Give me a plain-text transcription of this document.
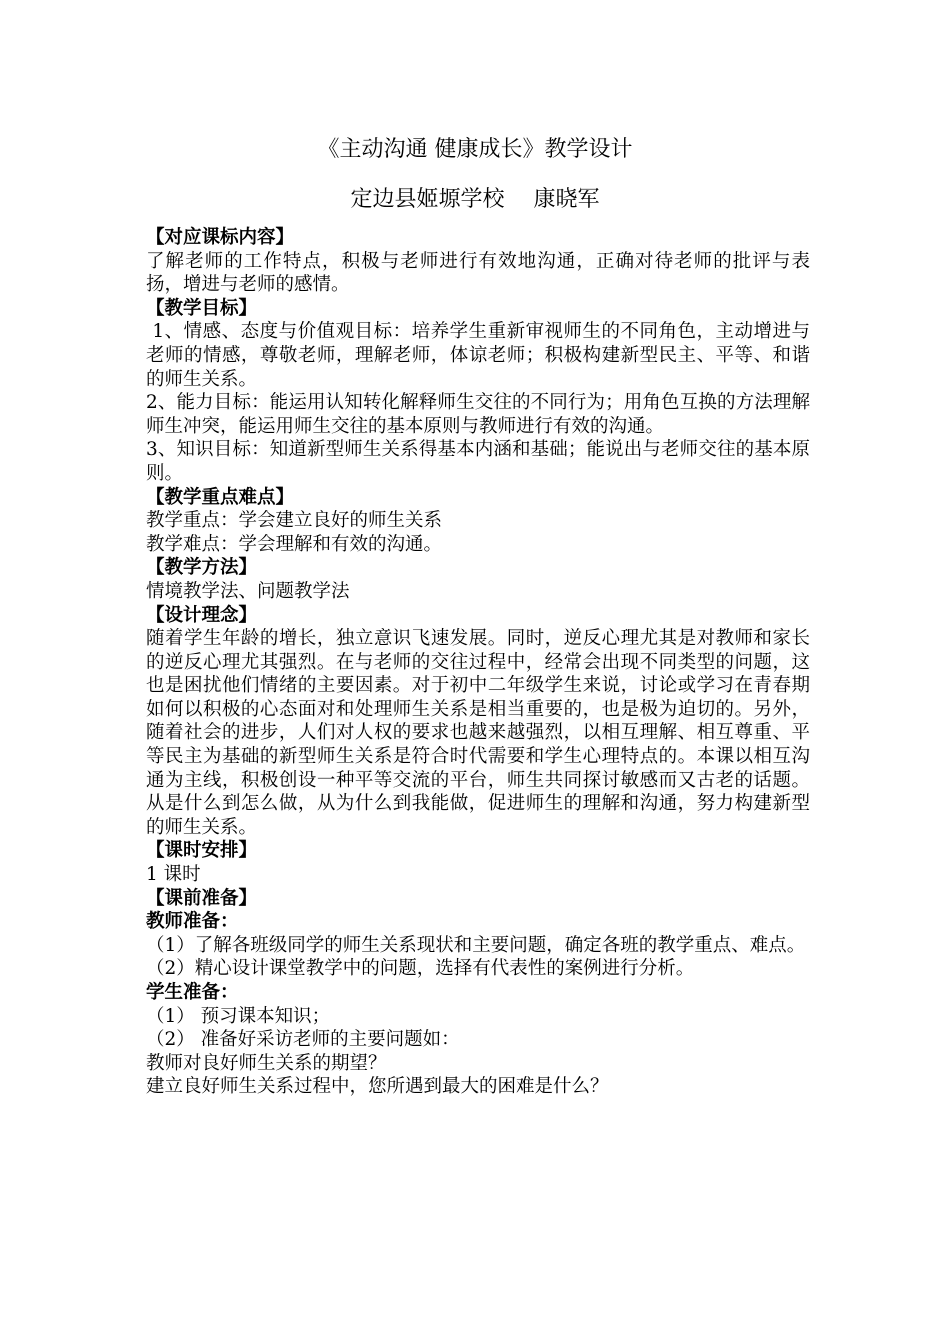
《主动沟通 健康成长》教学设计
定边县姬塬学校　 康晓军

【对应课标内容】

了解老师的工作特点，积极与老师进行有效地沟通，正确对待老师的批评与表扬，增进与老师的感情。

【教学目标】

1、情感、态度与价值观目标：培养学生重新审视师生的不同角色，主动增进与老师的情感，尊敬老师，理解老师，体谅老师；积极构建新型民主、平等、和谐的师生关系。

2、能力目标：能运用认知转化解释师生交往的不同行为；用角色互换的方法理解师生冲突，能运用师生交往的基本原则与教师进行有效的沟通。

3、知识目标：知道新型师生关系得基本内涵和基础；能说出与老师交往的基本原则。

【教学重点难点】

教学重点：学会建立良好的师生关系

教学难点：学会理解和有效的沟通。

【教学方法】

情境教学法、问题教学法

【设计理念】

随着学生年龄的增长，独立意识飞速发展。同时，逆反心理尤其是对教师和家长的逆反心理尤其强烈。在与老师的交往过程中，经常会出现不同类型的问题，这也是困扰他们情绪的主要因素。对于初中二年级学生来说，讨论或学习在青春期如何以积极的心态面对和处理师生关系是相当重要的，也是极为迫切的。另外，随着社会的进步，人们对人权的要求也越来越强烈，以相互理解、相互尊重、平等民主为基础的新型师生关系是符合时代需要和学生心理特点的。本课以相互沟通为主线，积极创设一种平等交流的平台，师生共同探讨敏感而又古老的话题。从是什么到怎么做，从为什么到我能做，促进师生的理解和沟通，努力构建新型的师生关系。

【课时安排】

1 课时

【课前准备】

教师准备：

（1）了解各班级同学的师生关系现状和主要问题，确定各班的教学重点、难点。

（2）精心设计课堂教学中的问题，选择有代表性的案例进行分析。

学生准备：

（1） 预习课本知识；

（2） 准备好采访老师的主要问题如：

教师对良好师生关系的期望？

建立良好师生关系过程中，您所遇到最大的困难是什么？
